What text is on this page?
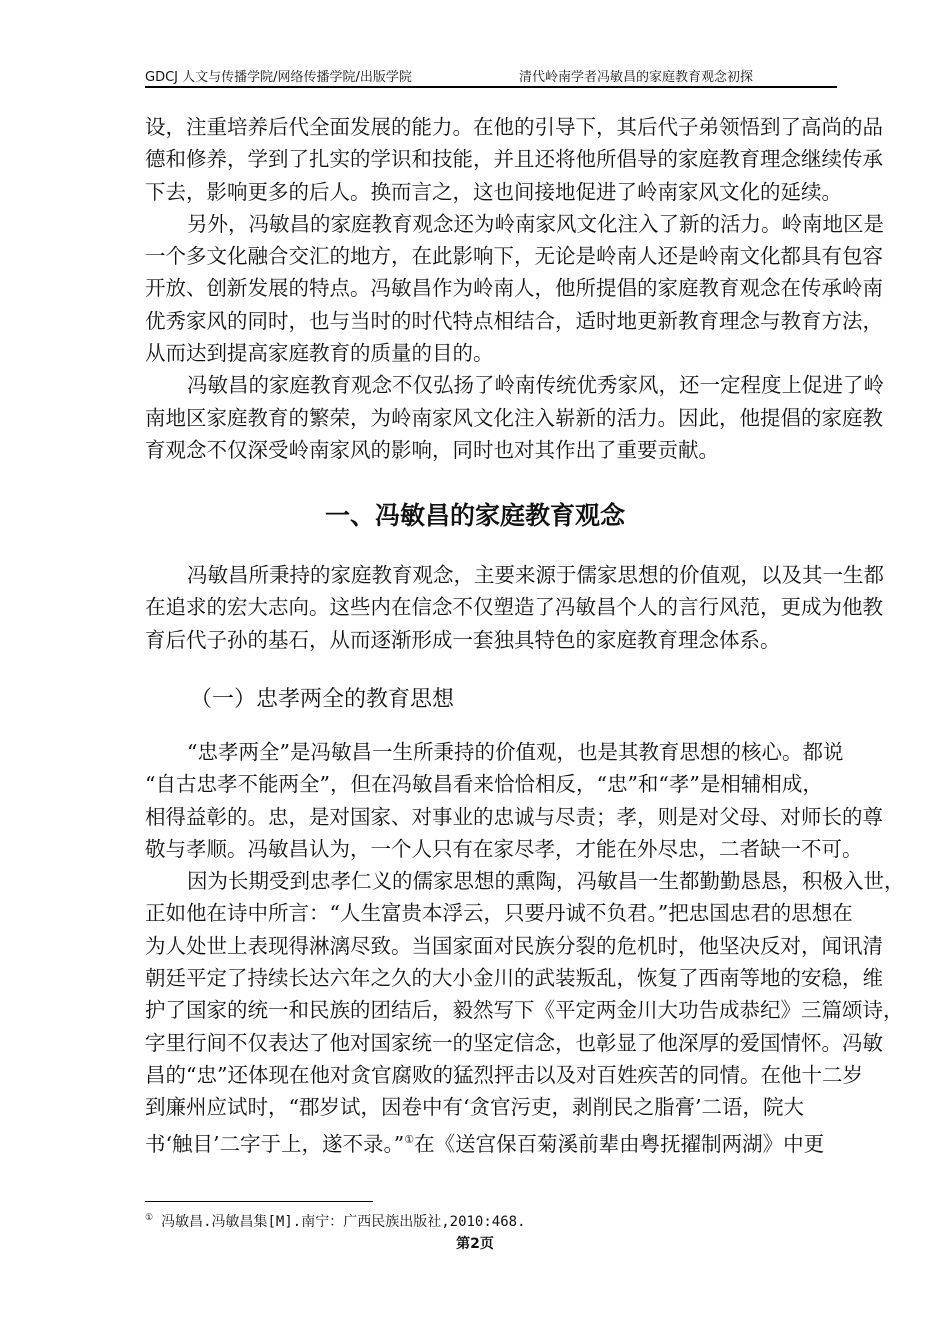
GDCJ 人文与传播学院/网络传播学院/出版学院	清代岭南学者冯敏昌的家庭教育观念初探
设，注重培养后代全面发展的能力。在他的引导下，其后代子弟领悟到了高尚的品
德和修养，学到了扎实的学识和技能，并且还将他所倡导的家庭教育理念继续传承
下去，影响更多的后人。换而言之，这也间接地促进了岭南家风文化的延续。
另外，冯敏昌的家庭教育观念还为岭南家风文化注入了新的活力。岭南地区是
一个多文化融合交汇的地方，在此影响下，无论是岭南人还是岭南文化都具有包容
开放、创新发展的特点。冯敏昌作为岭南人，他所提倡的家庭教育观念在传承岭南
优秀家风的同时，也与当时的时代特点相结合，适时地更新教育理念与教育方法，
从而达到提高家庭教育的质量的目的。
冯敏昌的家庭教育观念不仅弘扬了岭南传统优秀家风，还一定程度上促进了岭
南地区家庭教育的繁荣，为岭南家风文化注入崭新的活力。因此，他提倡的家庭教
育观念不仅深受岭南家风的影响，同时也对其作出了重要贡献。
一、冯敏昌的家庭教育观念
冯敏昌所秉持的家庭教育观念，主要来源于儒家思想的价值观，以及其一生都
在追求的宏大志向。这些内在信念不仅塑造了冯敏昌个人的言行风范，更成为他教
育后代子孙的基石，从而逐渐形成一套独具特色的家庭教育理念体系。
（一）忠孝两全的教育思想
“忠孝两全”是冯敏昌一生所秉持的价值观，也是其教育思想的核心。都说
“自古忠孝不能两全”，但在冯敏昌看来恰恰相反，“忠”和“孝”是相辅相成，
相得益彰的。忠，是对国家、对事业的忠诚与尽责；孝，则是对父母、对师长的尊
敬与孝顺。冯敏昌认为，一个人只有在家尽孝，才能在外尽忠，二者缺一不可。
因为长期受到忠孝仁义的儒家思想的熏陶，冯敏昌一生都勤勤恳恳，积极入世，
正如他在诗中所言：“人生富贵本浮云，只要丹诚不负君。”把忠国忠君的思想在
为人处世上表现得淋漓尽致。当国家面对民族分裂的危机时，他坚决反对，闻讯清
朝廷平定了持续长达六年之久的大小金川的武装叛乱，恢复了西南等地的安稳，维
护了国家的统一和民族的团结后，毅然写下《平定两金川大功告成恭纪》三篇颂诗，
字里行间不仅表达了他对国家统一的坚定信念，也彰显了他深厚的爱国情怀。冯敏
昌的“忠”还体现在他对贪官腐败的猛烈抨击以及对百姓疾苦的同情。在他十二岁
到廉州应试时，“郡岁试，因卷中有‘贪官污吏，剥削民之脂膏’二语，院大
书‘触目’二字于上，遂不录。”①在《送宫保百菊溪前辈由粤抚擢制两湖》中更
① 冯敏昌.冯敏昌集[M].南宁：广西民族出版社,2010:468.
第2页
